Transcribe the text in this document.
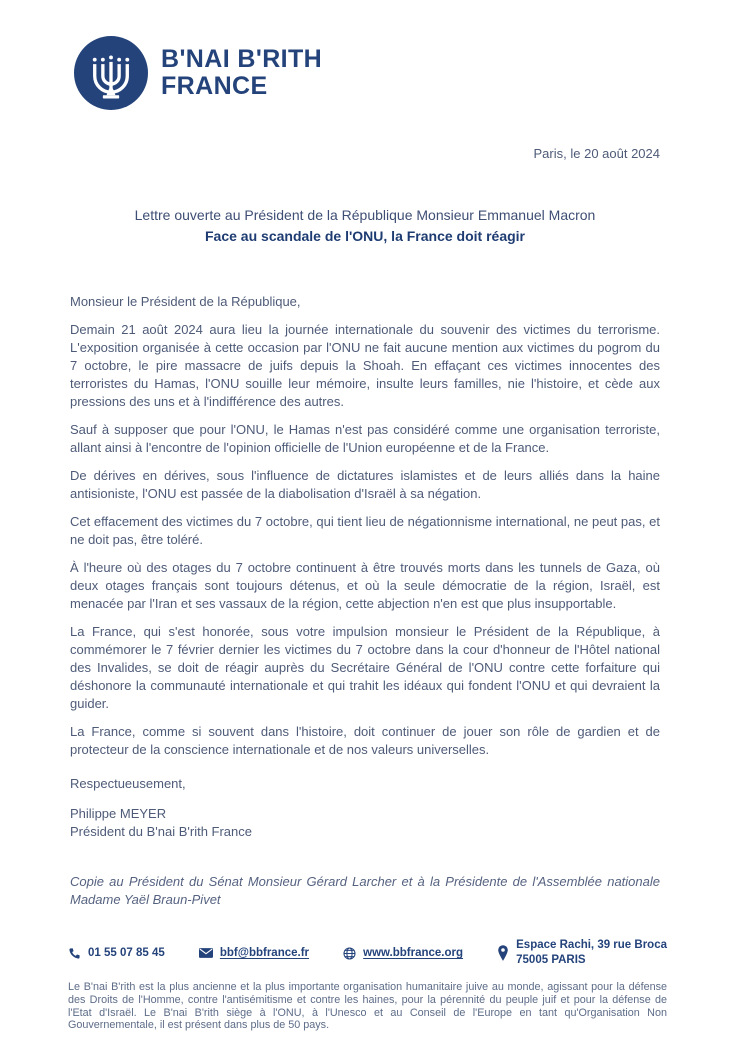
B'NAI B'RITH
FRANCE
Paris, le 20 août 2024
Lettre ouverte au Président de la République Monsieur Emmanuel Macron
Face au scandale de l'ONU, la France doit réagir

Monsieur le Président de la République,

Demain 21 août 2024 aura lieu la journée internationale du souvenir des victimes du terrorisme. L'exposition organisée à cette occasion par l'ONU ne fait aucune mention aux victimes du pogrom du 7 octobre, le pire massacre de juifs depuis la Shoah. En effaçant ces victimes innocentes des terroristes du Hamas, l'ONU souille leur mémoire, insulte leurs familles, nie l'histoire, et cède aux pressions des uns et à l'indifférence des autres.

Sauf à supposer que pour l'ONU, le Hamas n'est pas considéré comme une organisation terroriste, allant ainsi à l'encontre de l'opinion officielle de l'Union européenne et de la France.

De dérives en dérives, sous l'influence de dictatures islamistes et de leurs alliés dans la haine antisioniste, l'ONU est passée de la diabolisation d'Israël à sa négation.

Cet effacement des victimes du 7 octobre, qui tient lieu de négationnisme international, ne peut pas, et ne doit pas, être toléré.

À l'heure où des otages du 7 octobre continuent à être trouvés morts dans les tunnels de Gaza, où deux otages français sont toujours détenus, et où la seule démocratie de la région, Israël, est menacée par l'Iran et ses vassaux de la région, cette abjection n'en est que plus insupportable.

La France, qui s'est honorée, sous votre impulsion monsieur le Président de la République, à commémorer le 7 février dernier les victimes du 7 octobre dans la cour d'honneur de l'Hôtel national des Invalides, se doit de réagir auprès du Secrétaire Général de l'ONU contre cette forfaiture qui déshonore la communauté internationale et qui trahit les idéaux qui fondent l'ONU et qui devraient la guider.

La France, comme si souvent dans l'histoire, doit continuer de jouer son rôle de gardien et de protecteur de la conscience internationale et de nos valeurs universelles.

Respectueusement,

Philippe MEYER
Président du B'nai B'rith France

Copie au Président du Sénat Monsieur Gérard Larcher et à la Présidente de l'Assemblée nationale Madame Yaël Braun-Pivet

01 55 07 85 45	bbf@bbfrance.fr	www.bbfrance.org
Espace Rachi, 39 rue Broca
75005 PARIS

Le B'nai B'rith est la plus ancienne et la plus importante organisation humanitaire juive au monde, agissant pour la défense des Droits de l'Homme, contre l'antisémitisme et contre les haines, pour la pérennité du peuple juif et pour la défense de l'Etat d'Israël. Le B'nai B'rith siège à l'ONU, à l'Unesco et au Conseil de l'Europe en tant qu'Organisation Non Gouvernementale, il est présent dans plus de 50 pays.
